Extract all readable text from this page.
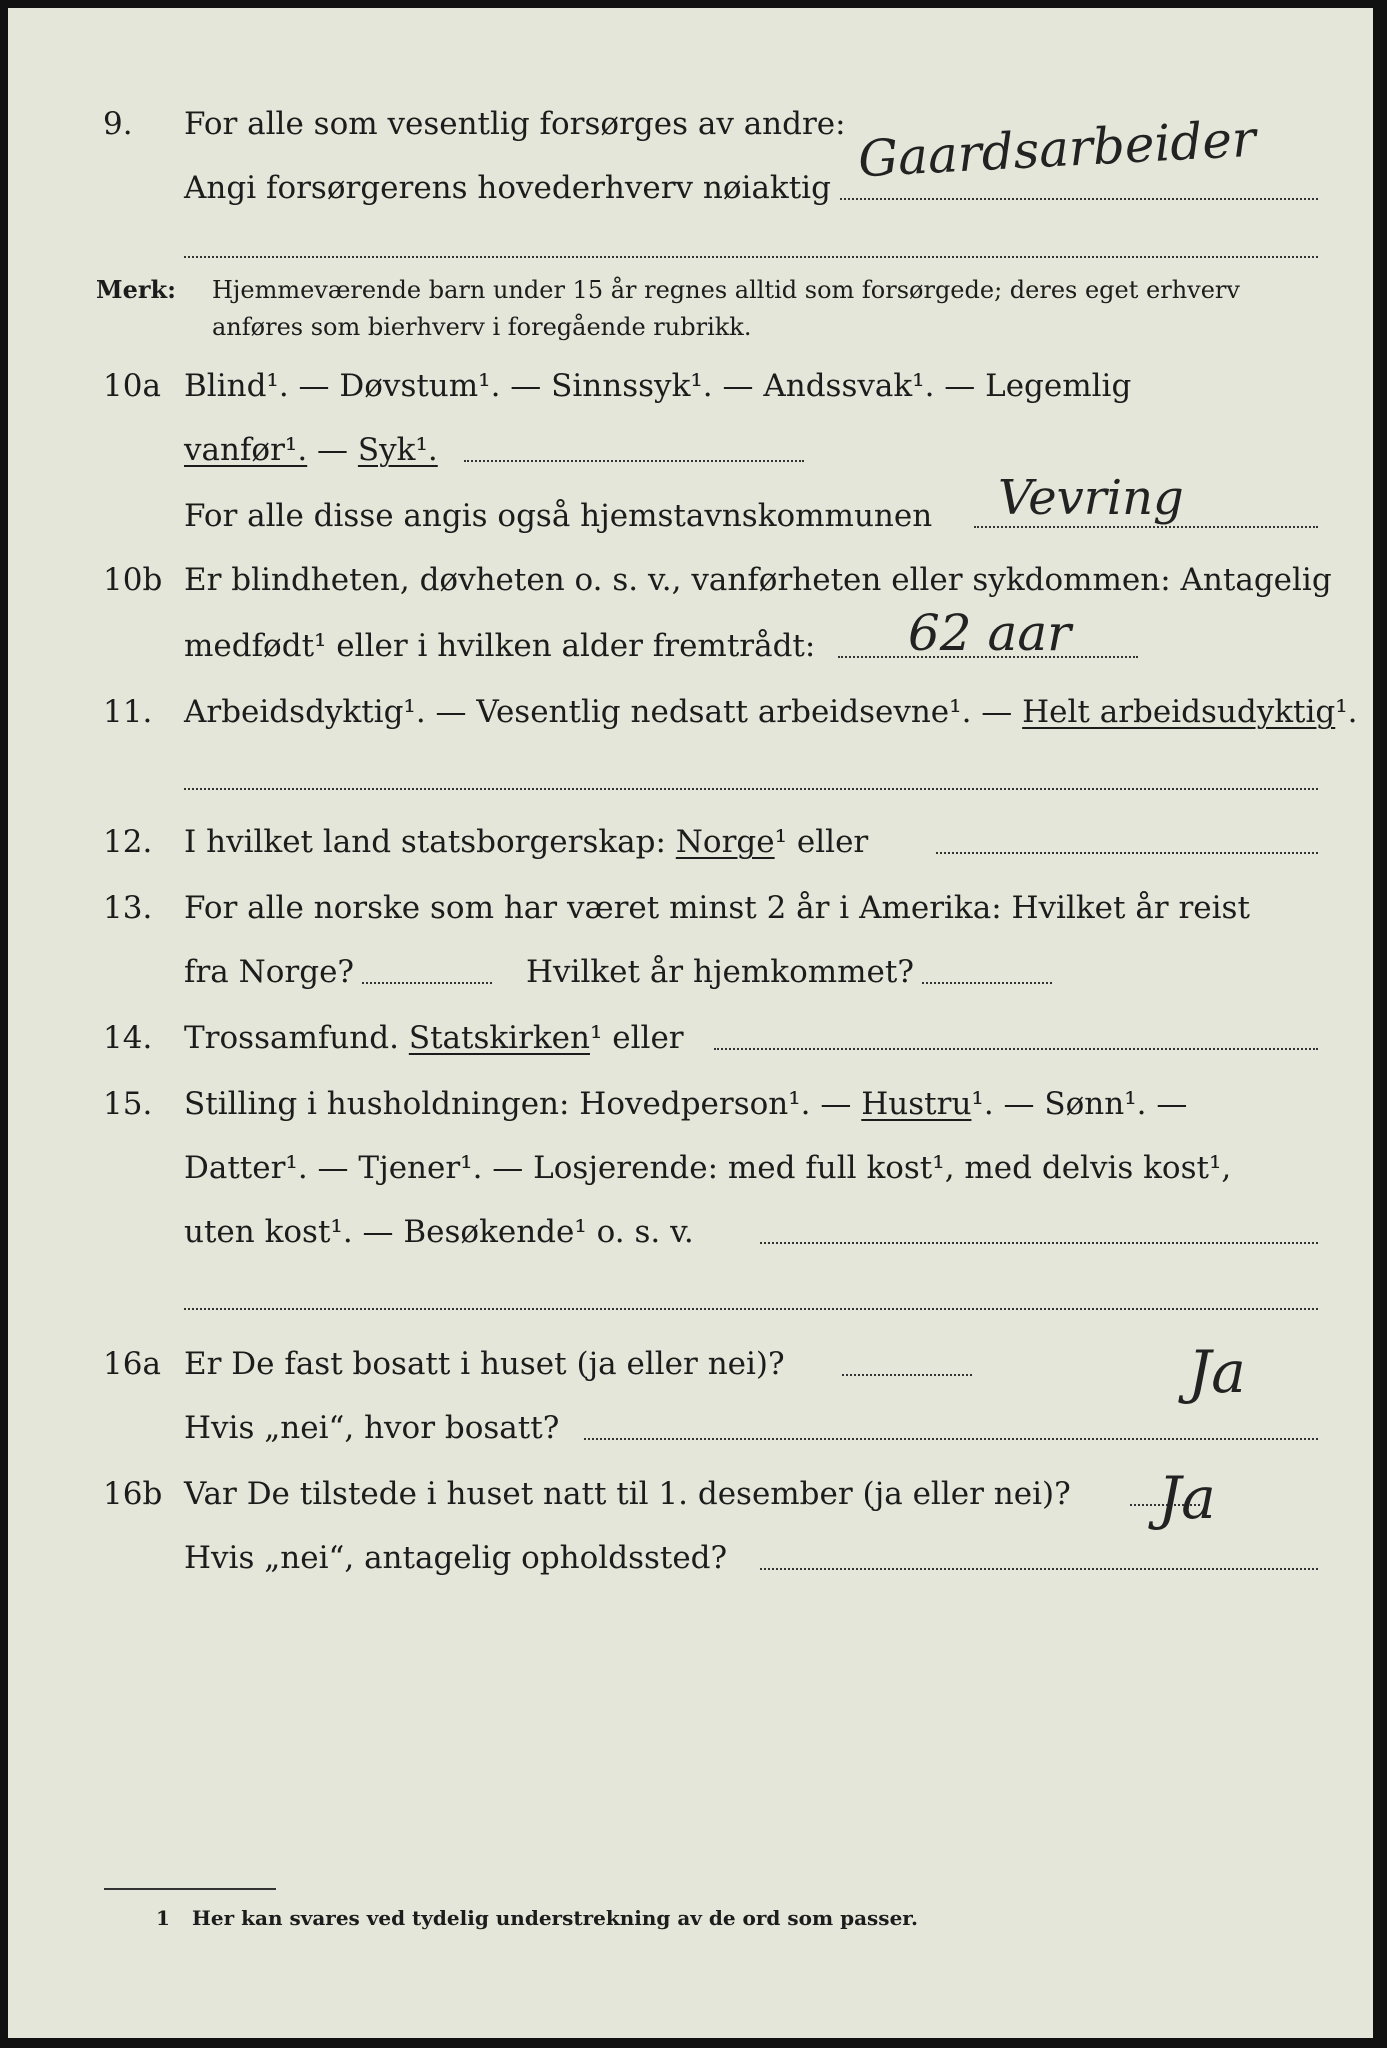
9. For alle som vesentlig forsørges av andre:
Angi forsørgerens hovederhverv nøiaktig Gaardsarbeider
Merk: Hjemmeværende barn under 15 år regnes alltid som forsørgede; deres eget erhverv
anføres som bierhverv i foregående rubrikk.
10a Blind¹. — Døvstum¹. — Sinnssyk¹. — Andssvak¹. — Legemlig
vanfør¹. — Syk¹.
For alle disse angis også hjemstavnskommunen Vevring
10b Er blindheten, døvheten o. s. v., vanførheten eller sykdommen: Antagelig
medfødt¹ eller i hvilken alder fremtrådt: 62 aar
11. Arbeidsdyktig¹. — Vesentlig nedsatt arbeidsevne¹. — Helt arbeidsudyktig¹.
12. I hvilket land statsborgerskap: Norge¹ eller
13. For alle norske som har været minst 2 år i Amerika: Hvilket år reist
fra Norge?	Hvilket år hjemkommet?
14. Trossamfund. Statskirken¹ eller
15. Stilling i husholdningen: Hovedperson¹. — Hustru¹. — Sønn¹. —
Datter¹. — Tjener¹. — Losjerende: med full kost¹, med delvis kost¹,
uten kost¹. — Besøkende¹ o. s. v.
16a Er De fast bosatt i huset (ja eller nei)?	Ja
Hvis „nei“, hvor bosatt?
16b Var De tilstede i huset natt til 1. desember (ja eller nei)? Ja
Hvis „nei“, antagelig opholdssted?
1 Her kan svares ved tydelig understrekning av de ord som passer.
